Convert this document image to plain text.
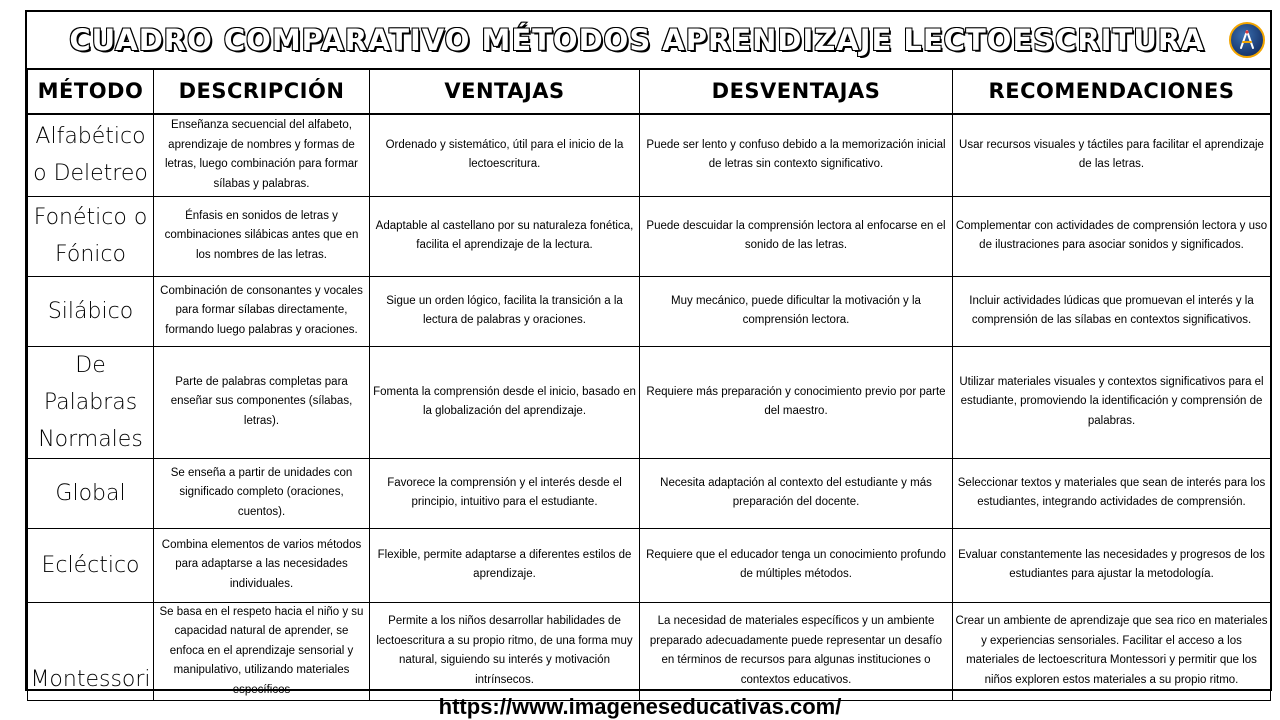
CUADRO COMPARATIVO MÉTODOS APRENDIZAJE LECTOESCRITURA
MÉTODO	DESCRIPCIÓN	VENTAJAS	DESVENTAJAS	RECOMENDACIONES
Alfabético o Deletreo	Enseñanza secuencial del alfabeto, aprendizaje de nombres y formas de letras, luego combinación para formar sílabas y palabras.	Ordenado y sistemático, útil para el inicio de la lectoescritura.	Puede ser lento y confuso debido a la memorización inicial de letras sin contexto significativo.	Usar recursos visuales y táctiles para facilitar el aprendizaje de las letras.
Fonético o Fónico	Énfasis en sonidos de letras y combinaciones silábicas antes que en los nombres de las letras.	Adaptable al castellano por su naturaleza fonética, facilita el aprendizaje de la lectura.	Puede descuidar la comprensión lectora al enfocarse en el sonido de las letras.	Complementar con actividades de comprensión lectora y uso de ilustraciones para asociar sonidos y significados.
Silábico	Combinación de consonantes y vocales para formar sílabas directamente, formando luego palabras y oraciones.	Sigue un orden lógico, facilita la transición a la lectura de palabras y oraciones.	Muy mecánico, puede dificultar la motivación y la comprensión lectora.	Incluir actividades lúdicas que promuevan el interés y la comprensión de las sílabas en contextos significativos.
De Palabras Normales	Parte de palabras completas para enseñar sus componentes (sílabas, letras).	Fomenta la comprensión desde el inicio, basado en la globalización del aprendizaje.	Requiere más preparación y conocimiento previo por parte del maestro.	Utilizar materiales visuales y contextos significativos para el estudiante, promoviendo la identificación y comprensión de palabras.
Global	Se enseña a partir de unidades con significado completo (oraciones, cuentos).	Favorece la comprensión y el interés desde el principio, intuitivo para el estudiante.	Necesita adaptación al contexto del estudiante y más preparación del docente.	Seleccionar textos y materiales que sean de interés para los estudiantes, integrando actividades de comprensión.
Ecléctico	Combina elementos de varios métodos para adaptarse a las necesidades individuales.	Flexible, permite adaptarse a diferentes estilos de aprendizaje.	Requiere que el educador tenga un conocimiento profundo de múltiples métodos.	Evaluar constantemente las necesidades y progresos de los estudiantes para ajustar la metodología.
Montessori	Se basa en el respeto hacia el niño y su capacidad natural de aprender, se enfoca en el aprendizaje sensorial y manipulativo, utilizando materiales específicos	Permite a los niños desarrollar habilidades de lectoescritura a su propio ritmo, de una forma muy natural, siguiendo su interés y motivación intrínsecos.	La necesidad de materiales específicos y un ambiente preparado adecuadamente puede representar un desafío en términos de recursos para algunas instituciones o contextos educativos.	Crear un ambiente de aprendizaje que sea rico en materiales y experiencias sensoriales. Facilitar el acceso a los materiales de lectoescritura Montessori y permitir que los niños exploren estos materiales a su propio ritmo.
https://www.imageneseducativas.com/
